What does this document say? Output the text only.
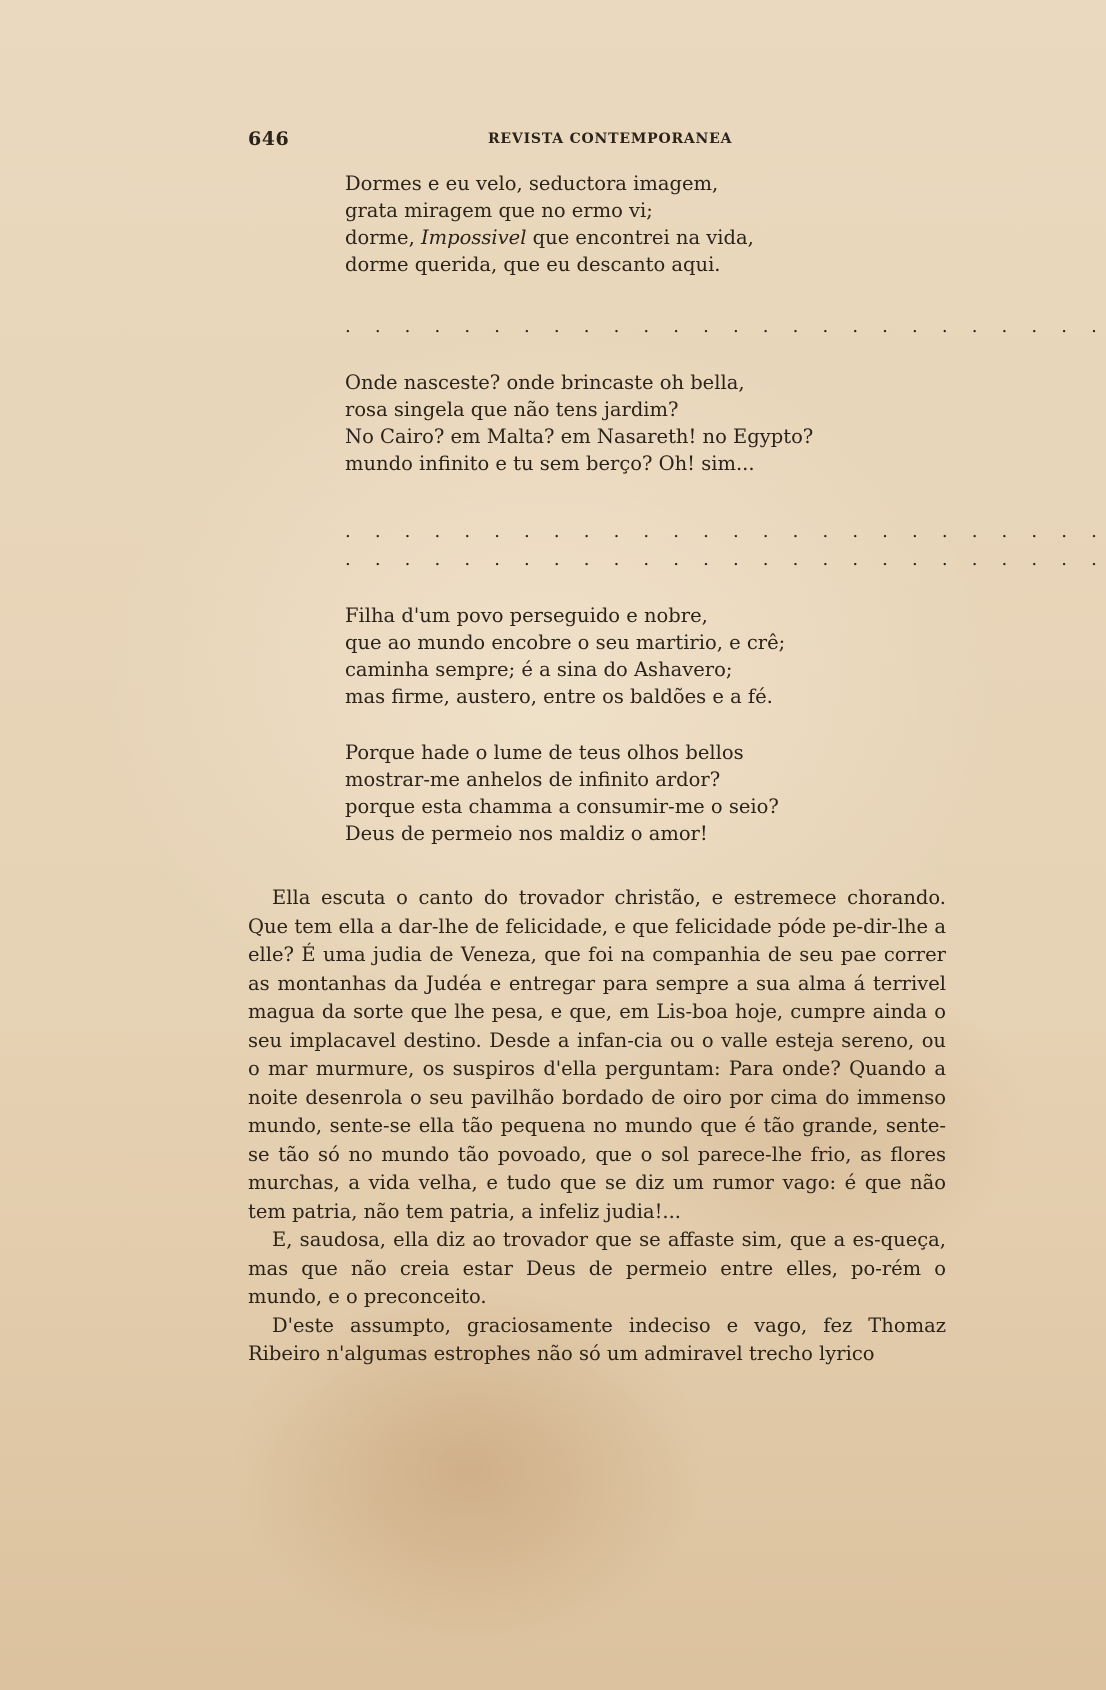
646	REVISTA CONTEMPORANEA
Dormes e eu velo, seductora imagem,
grata miragem que no ermo vi;
dorme, Impossivel que encontrei na vida,
dorme querida, que eu descanto aqui.
. . . . . . . . . . . . . . . . . . . . . . . . . .
Onde nasceste? onde brincaste oh bella,
rosa singela que não tens jardim?
No Cairo? em Malta? em Nasareth! no Egypto?
mundo infinito e tu sem berço? Oh! sim...
. . . . . . . . . . . . . . . . . . . . . . . . . .
. . . . . . . . . . . . . . . . . . . . . . . . . .
Filha d'um povo perseguido e nobre,
que ao mundo encobre o seu martirio, e crê;
caminha sempre; é a sina do Ashavero;
mas firme, austero, entre os baldões e a fé.
Porque hade o lume de teus olhos bellos
mostrar-me anhelos de infinito ardor?
porque esta chamma a consumir-me o seio?
Deus de permeio nos maldiz o amor!

Ella escuta o canto do trovador christão, e estremece chorando. Que tem ella a dar-lhe de felicidade, e que felicidade póde pe-dir-lhe a elle? É uma judia de Veneza, que foi na companhia de seu pae correr as montanhas da Judéa e entregar para sempre a sua alma á terrivel magua da sorte que lhe pesa, e que, em Lis-boa hoje, cumpre ainda o seu implacavel destino. Desde a infan-cia ou o valle esteja sereno, ou o mar murmure, os suspiros d'ella perguntam: Para onde? Quando a noite desenrola o seu pavilhão bordado de oiro por cima do immenso mundo, sente-se ella tão pequena no mundo que é tão grande, sente-se tão só no mundo tão povoado, que o sol parece-lhe frio, as flores murchas, a vida velha, e tudo que se diz um rumor vago: é que não tem patria, não tem patria, a infeliz judia!...

E, saudosa, ella diz ao trovador que se affaste sim, que a es-queça, mas que não creia estar Deus de permeio entre elles, po-rém o mundo, e o preconceito.

D'este assumpto, graciosamente indeciso e vago, fez Thomaz Ribeiro n'algumas estrophes não só um admiravel trecho lyrico
